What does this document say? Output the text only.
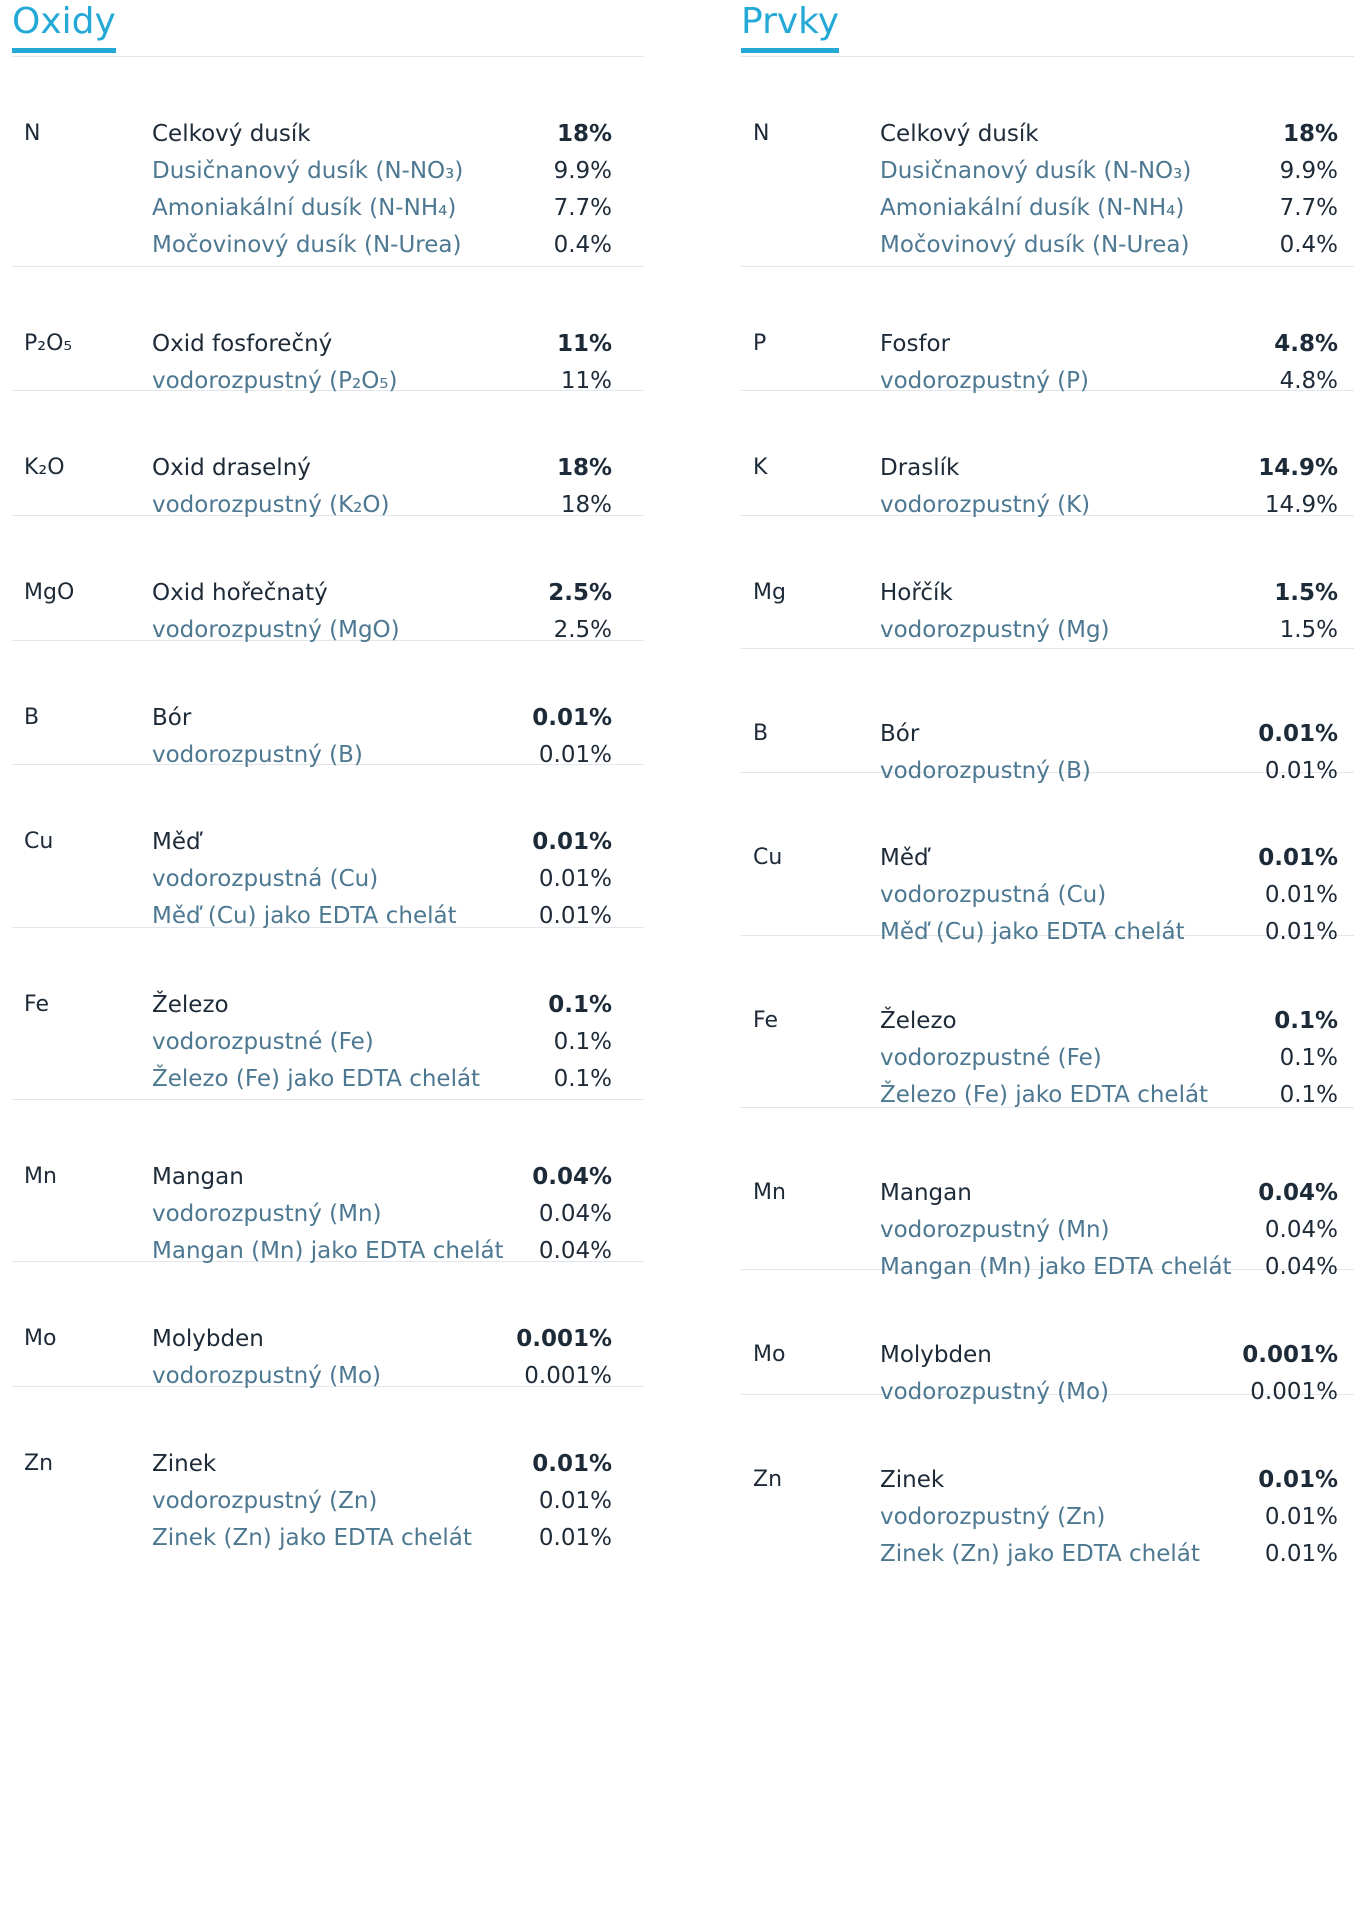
Oxidy
N	Celkový dusík	18%
Dusičnanový dusík (N-NO₃)	9.9%
Amoniakální dusík (N-NH₄)	7.7%
Močovinový dusík (N-Urea)	0.4%
P₂O₅	Oxid fosforečný	11%
vodorozpustný (P₂O₅)	11%
K₂O	Oxid draselný	18%
vodorozpustný (K₂O)	18%
MgO	Oxid hořečnatý	2.5%
vodorozpustný (MgO)	2.5%
B	Bór	0.01%
vodorozpustný (B)	0.01%
Cu	Měď	0.01%
vodorozpustná (Cu)	0.01%
Měď (Cu) jako EDTA chelát	0.01%
Fe	Železo	0.1%
vodorozpustné (Fe)	0.1%
Železo (Fe) jako EDTA chelát	0.1%
Mn	Mangan	0.04%
vodorozpustný (Mn)	0.04%
Mangan (Mn) jako EDTA chelát 0.04%
Mo	Molybden	0.001%
vodorozpustný (Mo)	0.001%
Zn	Zinek	0.01%
vodorozpustný (Zn)	0.01%
Zinek (Zn) jako EDTA chelát	0.01%
Prvky
N	Celkový dusík	18%
Dusičnanový dusík (N-NO₃)	9.9%
Amoniakální dusík (N-NH₄)	7.7%
Močovinový dusík (N-Urea)	0.4%
P	Fosfor	4.8%
vodorozpustný (P)	4.8%
K	Draslík	14.9%
vodorozpustný (K)	14.9%
Mg	Hořčík	1.5%
vodorozpustný (Mg)	1.5%
B	Bór	0.01%
vodorozpustný (B)	0.01%
Cu	Měď	0.01%
vodorozpustná (Cu)	0.01%
Měď (Cu) jako EDTA chelát	0.01%
Fe	Železo	0.1%
vodorozpustné (Fe)	0.1%
Železo (Fe) jako EDTA chelát	0.1%
Mn	Mangan	0.04%
vodorozpustný (Mn)	0.04%
Mangan (Mn) jako EDTA chelát 0.04%
Mo	Molybden	0.001%
vodorozpustný (Mo)	0.001%
Zn	Zinek	0.01%
vodorozpustný (Zn)	0.01%
Zinek (Zn) jako EDTA chelát	0.01%
